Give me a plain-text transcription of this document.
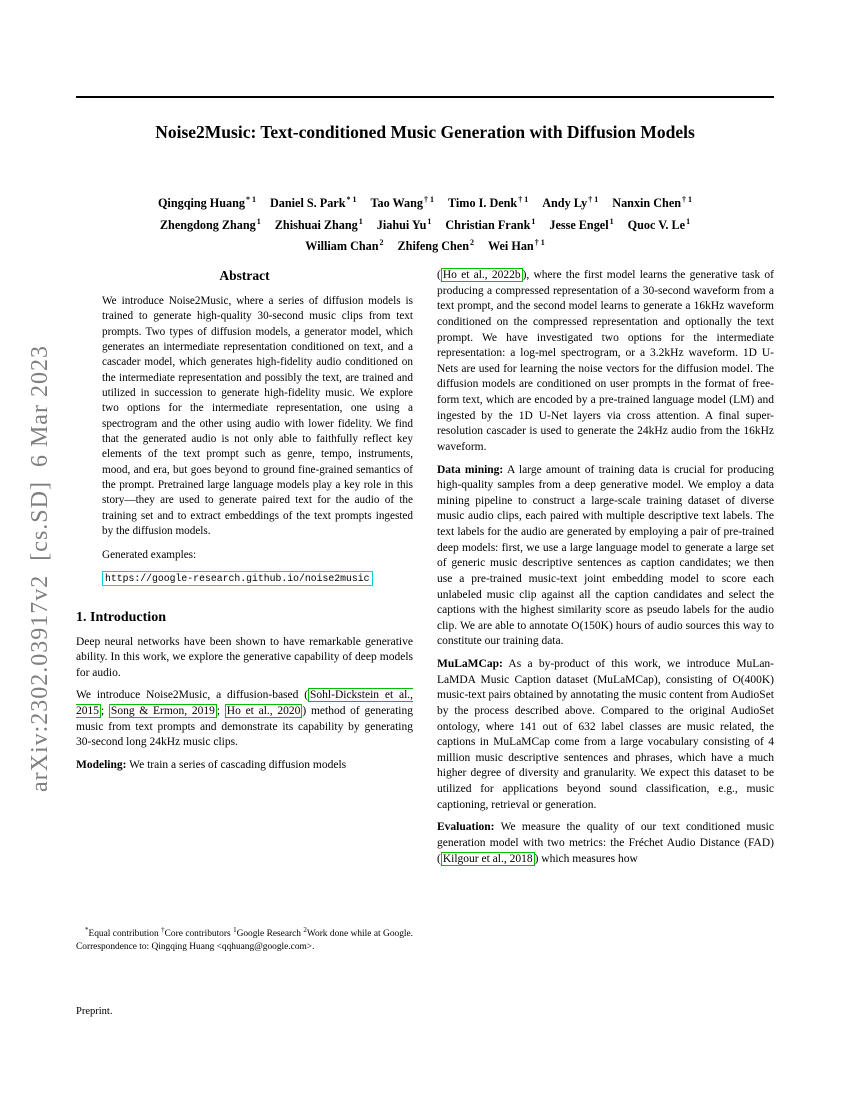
Noise2Music: Text-conditioned Music Generation with Diffusion Models
Qingqing Huang$^{* 1}$ Daniel S. Park$^{* 1}$ Tao Wang$^{\dagger 1}$ Timo I. Denk$^{\dagger 1}$ Andy Ly$^{\dagger 1}$ Nanxin Chen$^{\dagger 1}$
Zhengdong Zhang$^1$ Zhishuai Zhang$^1$ Jiahui Yu$^1$ Christian Frank$^1$ Jesse Engel$^1$ Quoc V. Le$^1$
William Chan$^2$ Zhifeng Chen$^2$ Wei Han$^{\dagger 1}$
arXiv:2302.03917v2  [cs.SD]  6 Mar 2023
Abstract

We introduce Noise2Music, where a series of diffusion models is trained to generate high-quality 30-second music clips from text prompts. Two types of diffusion models, a generator model, which generates an intermediate representation conditioned on text, and a cascader model, which generates high-fidelity audio conditioned on the intermediate representation and possibly the text, are trained and utilized in succession to generate high-fidelity music. We explore two options for the intermediate representation, one using a spectrogram and the other using audio with lower fidelity. We find that the generated audio is not only able to faithfully reflect key elements of the text prompt such as genre, tempo, instruments, mood, and era, but goes beyond to ground fine-grained semantics of the prompt. Pretrained large language models play a key role in this story—they are used to generate paired text for the audio of the training set and to extract embeddings of the text prompts ingested by the diffusion models.

Generated examples:

https://google-research.github.io/noise2music

1. Introduction

Deep neural networks have been shown to have remarkable generative ability. In this work, we explore the generative capability of deep models for audio.

We introduce Noise2Music, a diffusion-based ( Sohl-Dickstein et al., 2015 ; Song & Ermon, 2019 ; Ho et al., 2020 ) method of generating music from text prompts and demonstrate its capability by generating 30-second long 24kHz music clips.

Modeling: We train a series of cascading diffusion models

( Ho et al., 2022b ), where the first model learns the generative task of producing a compressed representation of a 30-second waveform from a text prompt, and the second model learns to generate a 16kHz waveform conditioned on the compressed representation and optionally the text prompt. We have investigated two options for the intermediate representation: a log-mel spectrogram, or a 3.2kHz waveform. 1D U-Nets are used for learning the noise vectors for the diffusion model. The diffusion models are conditioned on user prompts in the format of free-form text, which are encoded by a pre-trained language model (LM) and ingested by the 1D U-Net layers via cross attention. A final super-resolution cascader is used to generate the 24kHz audio from the 16kHz waveform.

Data mining: A large amount of training data is crucial for producing high-quality samples from a deep generative model. We employ a data mining pipeline to construct a large-scale training dataset of diverse music audio clips, each paired with multiple descriptive text labels. The text labels for the audio are generated by employing a pair of pre-trained deep models: first, we use a large language model to generate a large set of generic music descriptive sentences as caption candidates; we then use a pre-trained music-text joint embedding model to score each unlabeled music clip against all the caption candidates and select the captions with the highest similarity score as pseudo labels for the audio clip. We are able to annotate O(150K) hours of audio sources this way to constitute our training data.

MuLaMCap: As a by-product of this work, we introduce MuLan-LaMDA Music Caption dataset (MuLaMCap), consisting of O(400K) music-text pairs obtained by annotating the music content from AudioSet by the process described above. Compared to the original AudioSet ontology, where 141 out of 632 label classes are music related, the captions in MuLaMCap come from a large vocabulary consisting of 4 million music descriptive sentences and phrases, which have a much higher degree of diversity and granularity. We expect this dataset to be utilized for applications beyond sound classification, e.g., music captioning, retrieval or generation.

Evaluation: We measure the quality of our text conditioned music generation model with two metrics: the Fréchet Audio Distance (FAD) ( Kilgour et al., 2018 ) which measures how

*Equal contribution †Core contributors $^1$Google Research $^2$Work done while at Google. Correspondence to: Qingqing Huang <qqhuang@google.com>.

Preprint.
